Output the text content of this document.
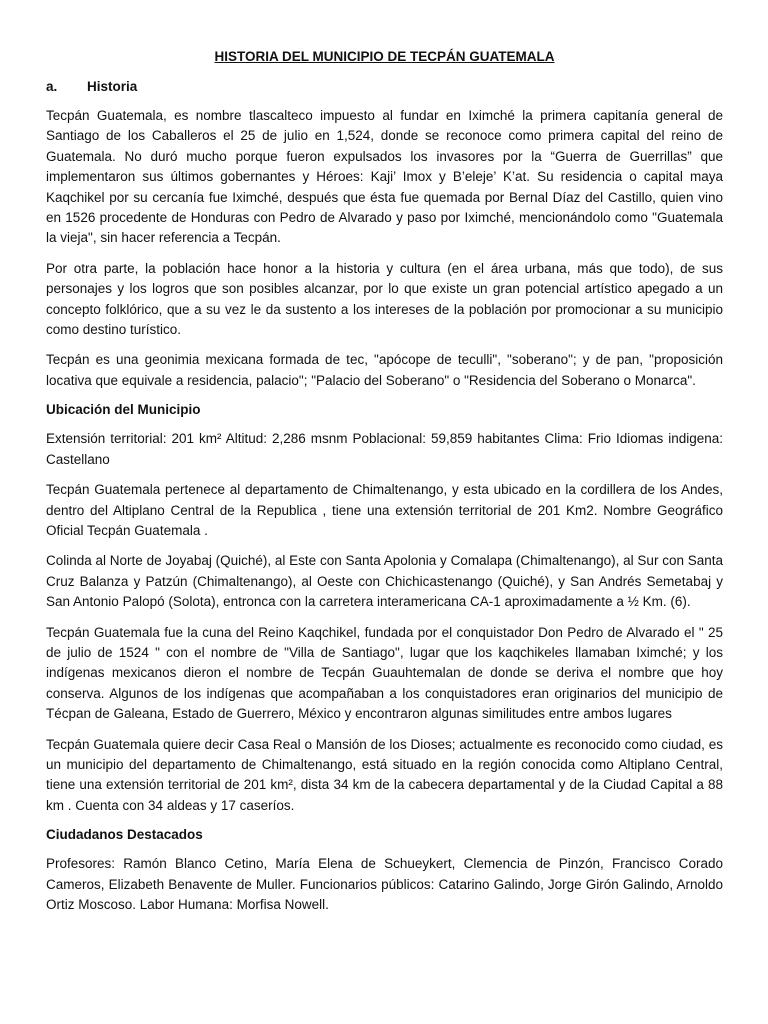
HISTORIA DEL MUNICIPIO DE TECPÁN GUATEMALA
a. Historia

Tecpán Guatemala, es nombre tlascalteco impuesto al fundar en Iximché la primera capitanía general de Santiago de los Caballeros el 25 de julio en 1,524, donde se reconoce como primera capital del reino de Guatemala. No duró mucho porque fueron expulsados los invasores por la “Guerra de Guerrillas” que implementaron sus últimos gobernantes y Héroes: Kaji’ Imox y B’eleje’ K’at. Su residencia o capital maya Kaqchikel por su cercanía fue Iximché, después que ésta fue quemada por Bernal Díaz del Castillo, quien vino en 1526 procedente de Honduras con Pedro de Alvarado y paso por Iximché, mencionándolo como "Guatemala la vieja", sin hacer referencia a Tecpán.

Por otra parte, la población hace honor a la historia y cultura (en el área urbana, más que todo), de sus personajes y los logros que son posibles alcanzar, por lo que existe un gran potencial artístico apegado a un concepto folklórico, que a su vez le da sustento a los intereses de la población por promocionar a su municipio como destino turístico.

Tecpán es una geonimia mexicana formada de tec, "apócope de teculli", "soberano"; y de pan, "proposición locativa que equivale a residencia, palacio"; "Palacio del Soberano" o "Residencia del Soberano o Monarca".

Ubicación del Municipio

Extensión territorial: 201 km² Altitud: 2,286 msnm Poblacional: 59,859 habitantes Clima: Frio Idiomas indigena: Castellano

Tecpán Guatemala pertenece al departamento de Chimaltenango, y esta ubicado en la cordillera de los Andes, dentro del Altiplano Central de la Republica , tiene una extensión territorial de 201 Km2. Nombre Geográfico Oficial Tecpán Guatemala .

Colinda al Norte de Joyabaj (Quiché), al Este con Santa Apolonia y Comalapa (Chimaltenango), al Sur con Santa Cruz Balanza y Patzún (Chimaltenango), al Oeste con Chichicastenango (Quiché), y San Andrés Semetabaj y San Antonio Palopó (Solota), entronca con la carretera interamericana CA-1 aproximadamente a ½ Km. (6).

Tecpán Guatemala fue la cuna del Reino Kaqchikel, fundada por el conquistador Don Pedro de Alvarado el " 25 de julio de 1524 " con el nombre de "Villa de Santiago", lugar que los kaqchikeles llamaban Iximché; y los indígenas mexicanos dieron el nombre de Tecpán Guauhtemalan de donde se deriva el nombre que hoy conserva. Algunos de los indígenas que acompañaban a los conquistadores eran originarios del municipio de Técpan de Galeana, Estado de Guerrero, México y encontraron algunas similitudes entre ambos lugares

Tecpán Guatemala quiere decir Casa Real o Mansión de los Dioses; actualmente es reconocido como ciudad, es un municipio del departamento de Chimaltenango, está situado en la región conocida como Altiplano Central, tiene una extensión territorial de 201 km², dista 34 km de la cabecera departamental y de la Ciudad Capital a 88 km . Cuenta con 34 aldeas y 17 caseríos.

Ciudadanos Destacados

Profesores: Ramón Blanco Cetino, María Elena de Schueykert, Clemencia de Pinzón, Francisco Corado Cameros, Elizabeth Benavente de Muller. Funcionarios públicos: Catarino Galindo, Jorge Girón Galindo, Arnoldo Ortiz Moscoso. Labor Humana: Morfisa Nowell.
